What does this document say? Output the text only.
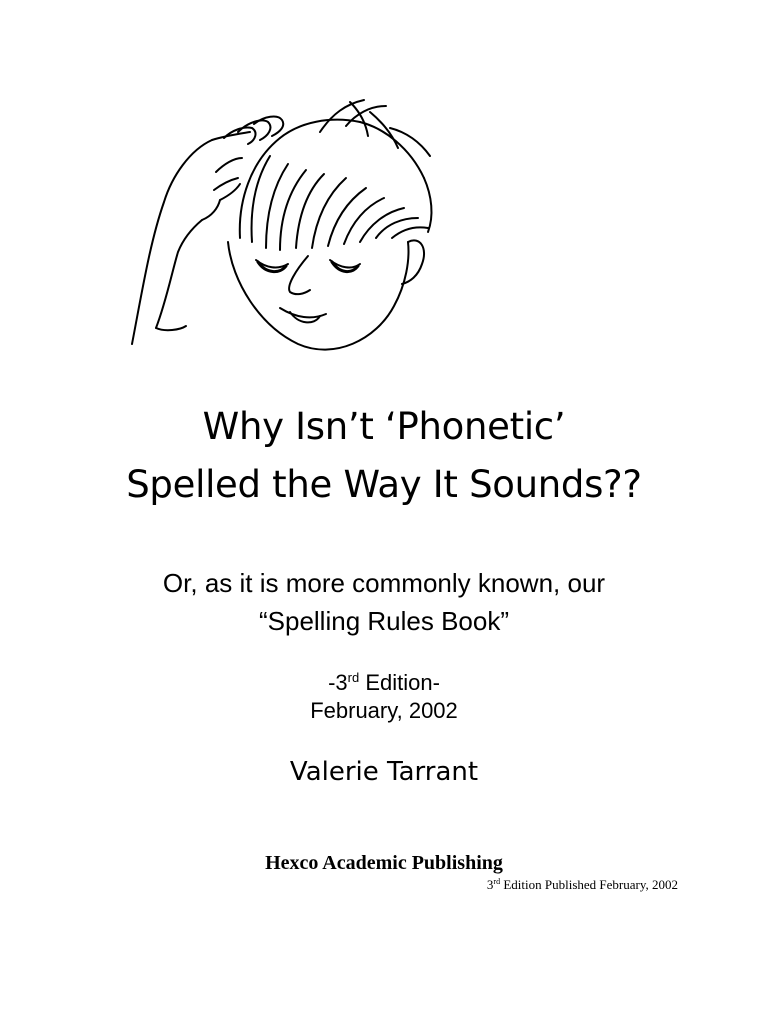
Why Isn’t ‘Phonetic’
Spelled the Way It Sounds??
Or, as it is more commonly known, our
“Spelling Rules Book”
-3rd Edition-
February, 2002
Valerie Tarrant
Hexco Academic Publishing
3rd Edition Published February, 2002
